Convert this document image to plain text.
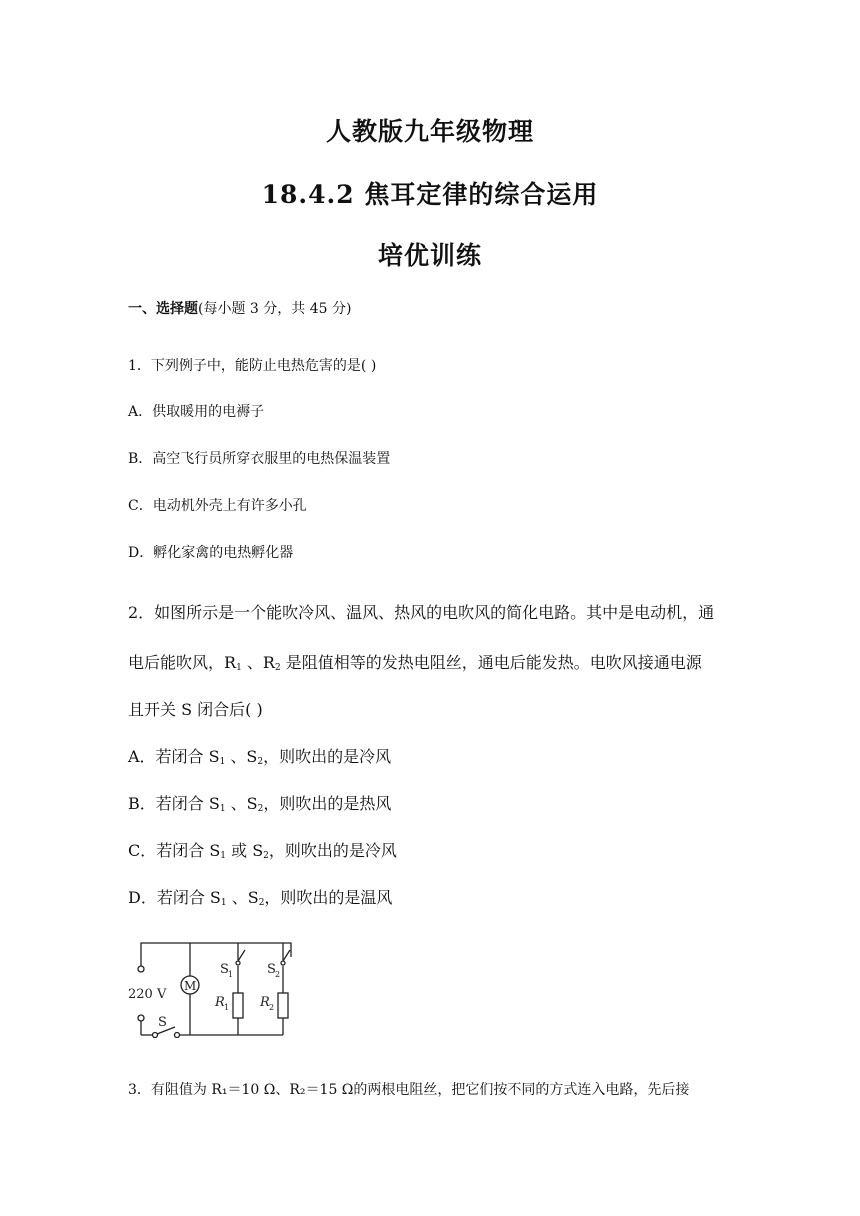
人教版九年级物理
18.4.2 焦耳定律的综合运用
培优训练
一、选择题(每小题 3 分，共 45 分)
1．下列例子中，能防止电热危害的是( )
A．供取暖用的电褥子
B．高空飞行员所穿衣服里的电热保温装置
C．电动机外壳上有许多小孔
D．孵化家禽的电热孵化器
2．如图所示是一个能吹冷风、温风、热风的电吹风的简化电路。其中是电动机，通
电后能吹风，$R_1$ 、$R_2$ 是阻值相等的发热电阻丝，通电后能发热。电吹风接通电源
且开关 S 闭合后( )
A．若闭合 $S_1$ 、$S_2$，则吹出的是冷风
B．若闭合 $S_1$ 、$S_2$，则吹出的是热风
C．若闭合 $S_1$ 或 $S_2$，则吹出的是冷风
D．若闭合 $S_1$ 、$S_2$，则吹出的是温风
M
220 V
S
S 1	S 2
R 1 R 2
3．有阻值为 R₁＝10 Ω、R₂＝15 Ω的两根电阻丝，把它们按不同的方式连入电路，先后接
